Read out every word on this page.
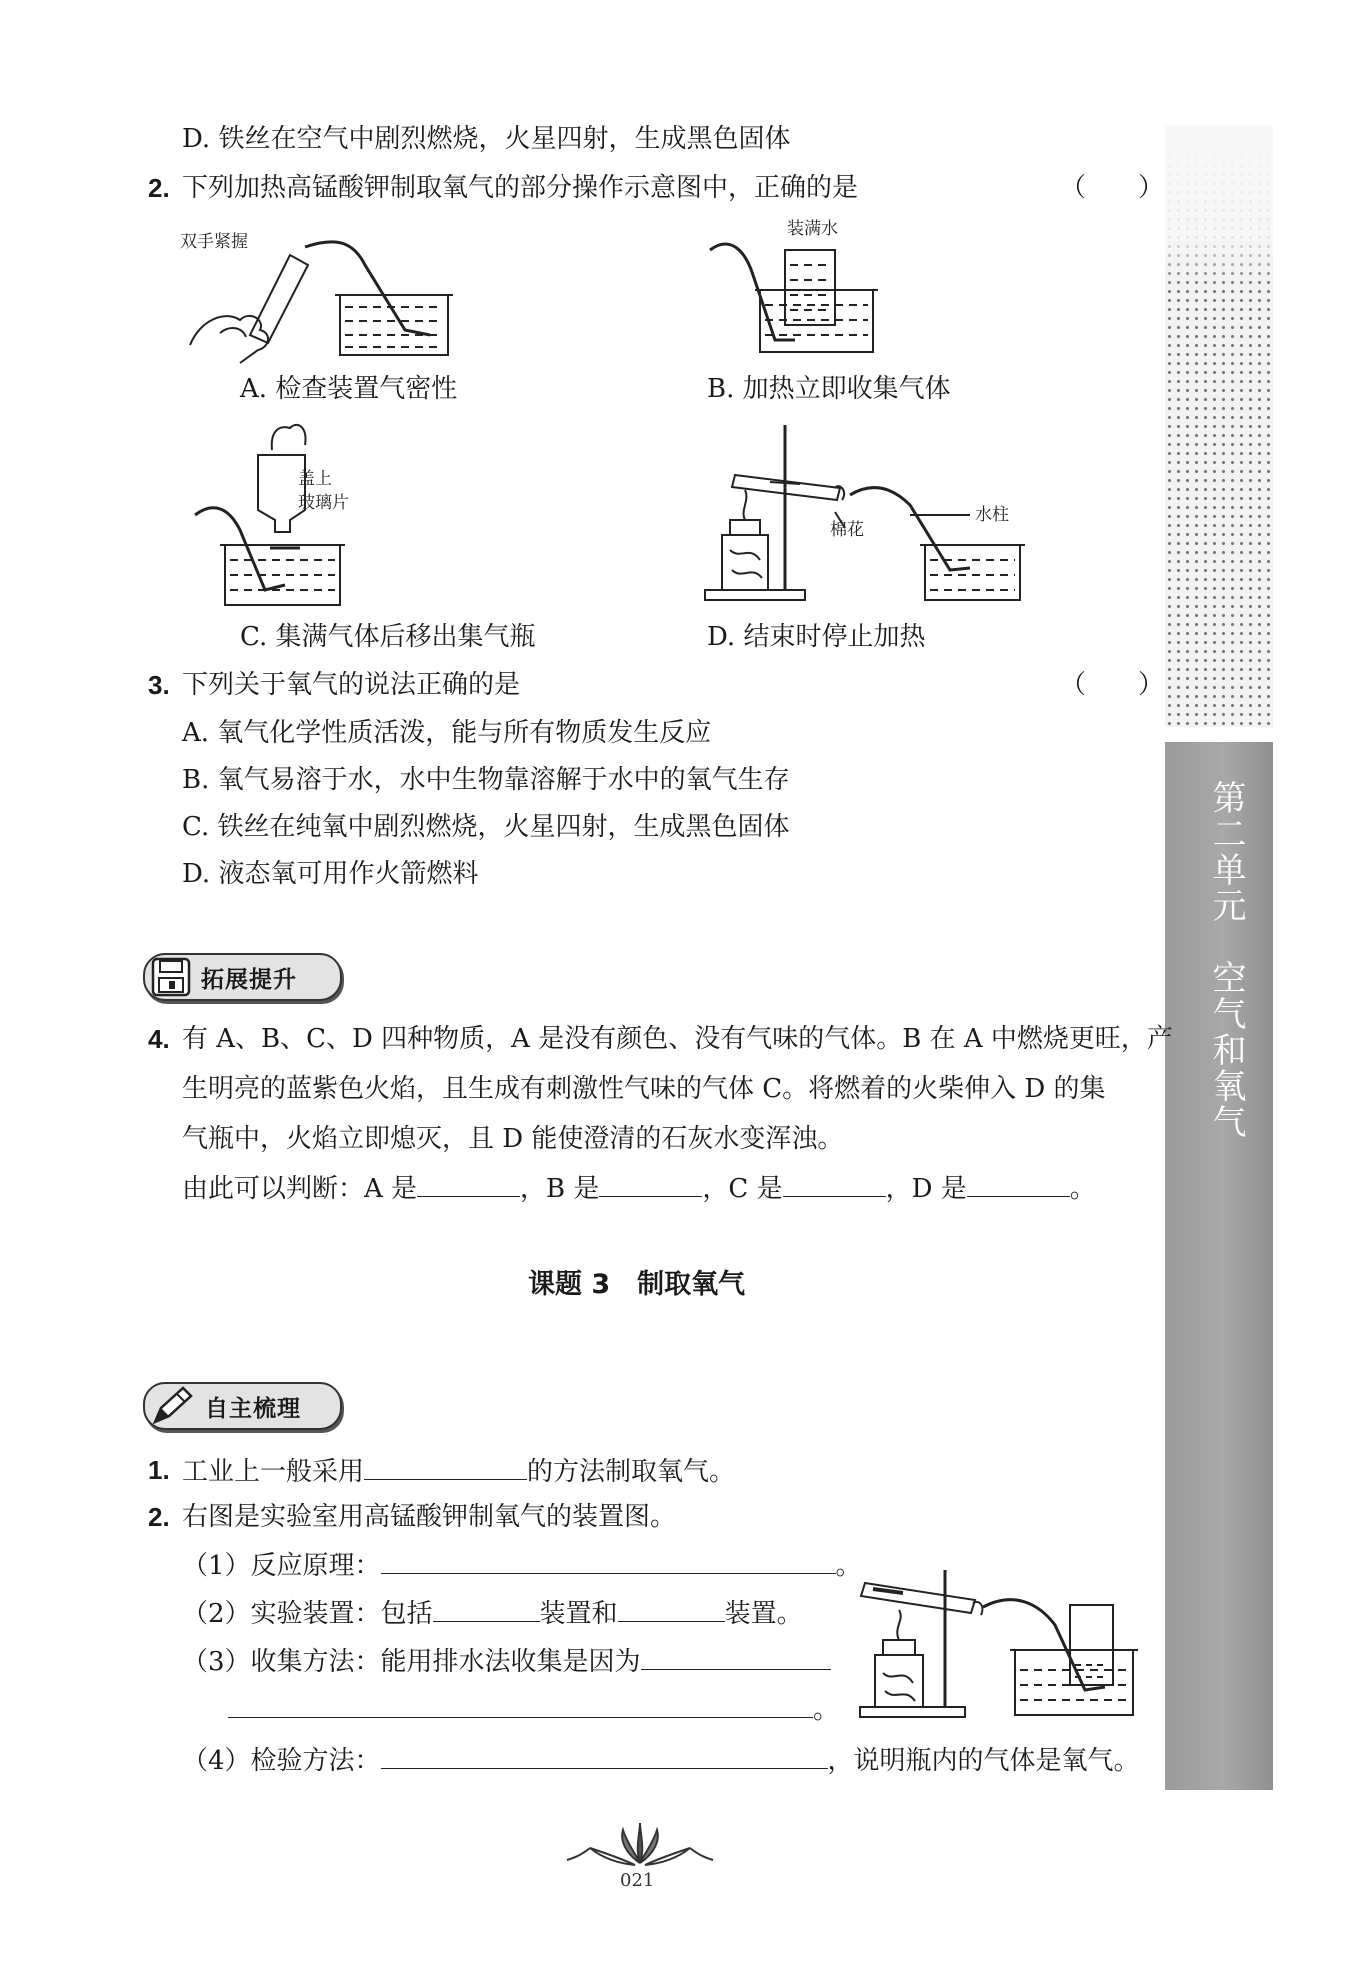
第二单元　空气和氧气
D. 铁丝在空气中剧烈燃烧，火星四射，生成黑色固体
2. 下列加热高锰酸钾制取氧气的部分操作示意图中，正确的是	（　　）
双手紧握
A. 检查装置气密性
装满水
B. 加热立即收集气体
盖上
玻璃片
C. 集满气体后移出集气瓶
棉花
水柱
D. 结束时停止加热
3. 下列关于氧气的说法正确的是	（　　）
A. 氧气化学性质活泼，能与所有物质发生反应
B. 氧气易溶于水，水中生物靠溶解于水中的氧气生存
C. 铁丝在纯氧中剧烈燃烧，火星四射，生成黑色固体
D. 液态氧可用作火箭燃料
拓展提升
4. 有 A、B、C、D 四种物质，A 是没有颜色、没有气味的气体。B 在 A 中燃烧更旺，产
生明亮的蓝紫色火焰，且生成有刺激性气味的气体 C。将燃着的火柴伸入 D 的集
气瓶中，火焰立即熄灭，且 D 能使澄清的石灰水变浑浊。
由此可以判断：A 是	，B 是	，C 是	，D 是	。
课题 3　制取氧气
自主梳理
1. 工业上一般采用	的方法制取氧气。
2. 右图是实验室用高锰酸钾制氧气的装置图。
（1）反应原理：	。
（2）实验装置：包括	装置和	装置。
（3）收集方法：能用排水法收集是因为
。
（4）检验方法：	，说明瓶内的气体是氧气。
021
